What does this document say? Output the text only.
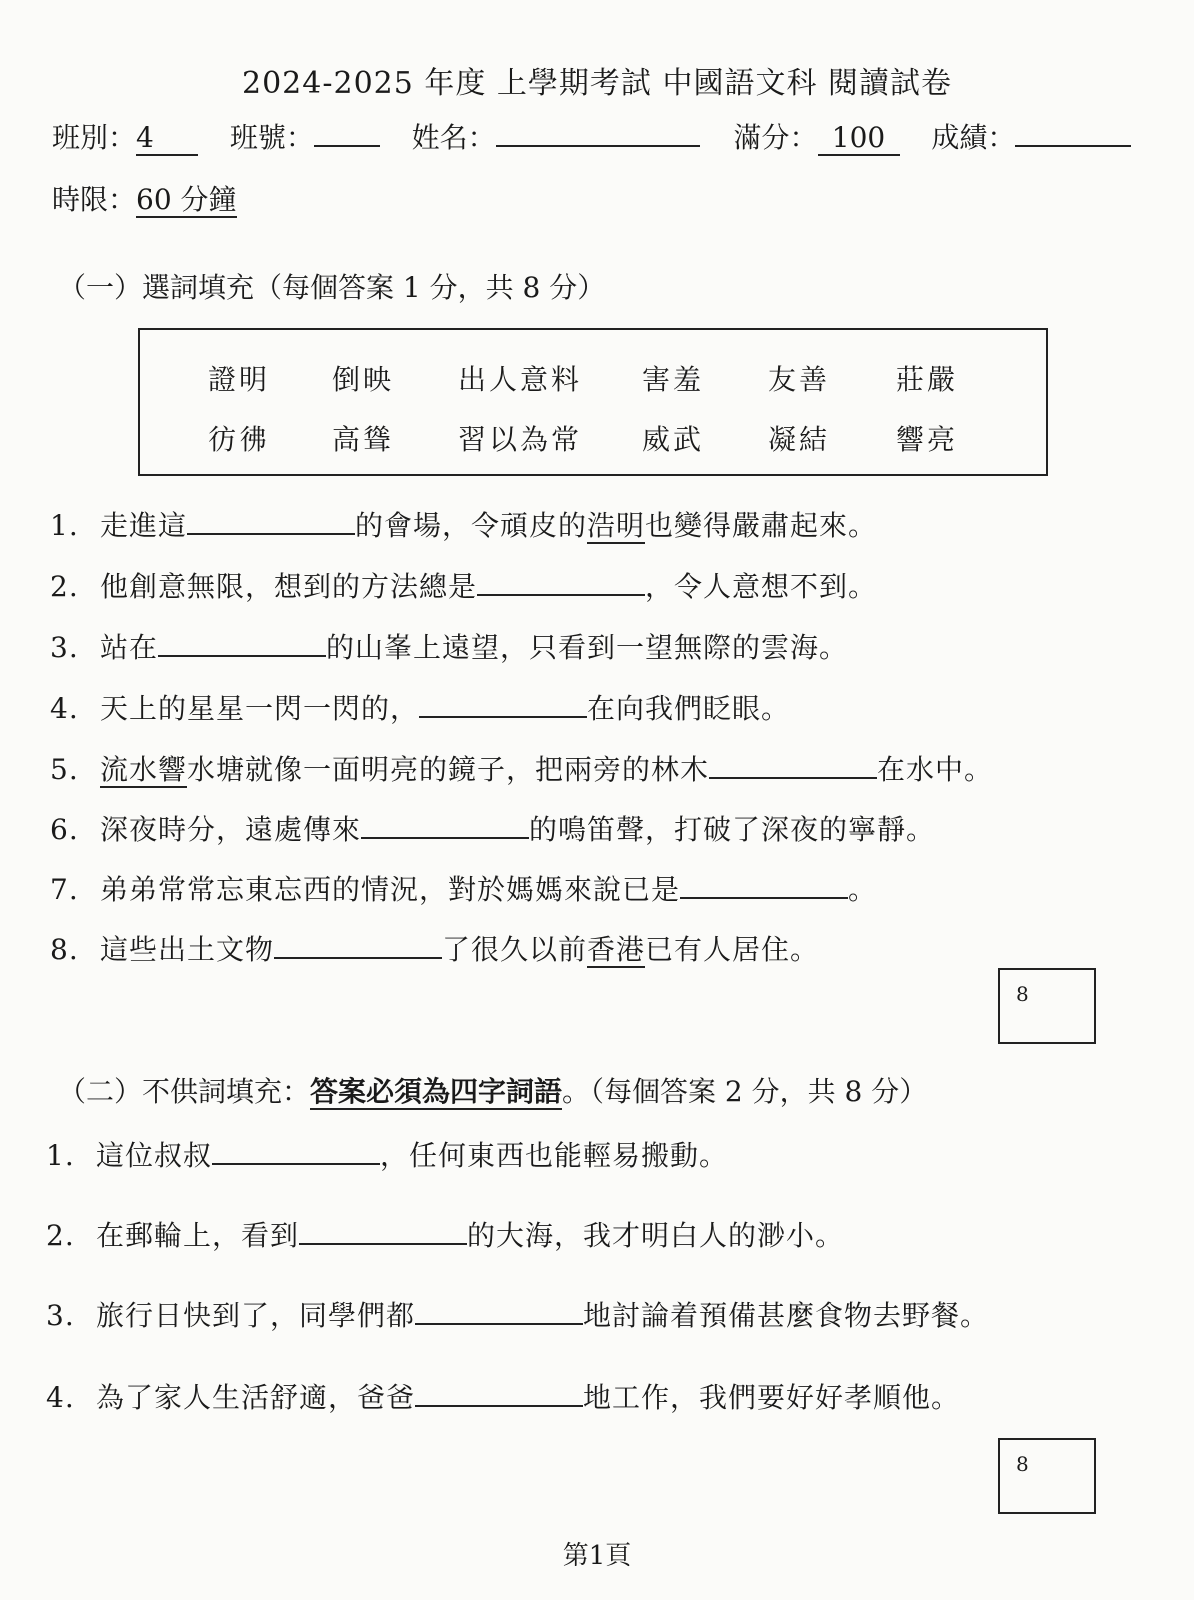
2024-2025 年度 上學期考試 中國語文科 閱讀試卷
班別：4	班號：	姓名：	滿分： 100 成績：
時限：60 分鐘
（一）選詞填充（每個答案 1 分，共 8 分）
證明 倒映 出人意料 害羞 友善 莊嚴
彷彿 高聳 習以為常 威武 凝結 響亮
1. 走進這	的會場，令頑皮的浩明也變得嚴肅起來。
2. 他創意無限，想到的方法總是	，令人意想不到。
3. 站在	的山峯上遠望，只看到一望無際的雲海。
4. 天上的星星一閃一閃的，	在向我們眨眼。
5. 流水響水塘就像一面明亮的鏡子，把兩旁的林木	在水中。
6. 深夜時分，遠處傳來	的鳴笛聲，打破了深夜的寧靜。
7. 弟弟常常忘東忘西的情況，對於媽媽來說已是	。
8. 這些出土文物	了很久以前香港已有人居住。
8
（二）不供詞填充：答案必須為四字詞語。（每個答案 2 分，共 8 分）
1. 這位叔叔	，任何東西也能輕易搬動。
2. 在郵輪上，看到	的大海，我才明白人的渺小。
3. 旅行日快到了，同學們都	地討論着預備甚麼食物去野餐。
4. 為了家人生活舒適，爸爸	地工作，我們要好好孝順他。
8
第1頁
